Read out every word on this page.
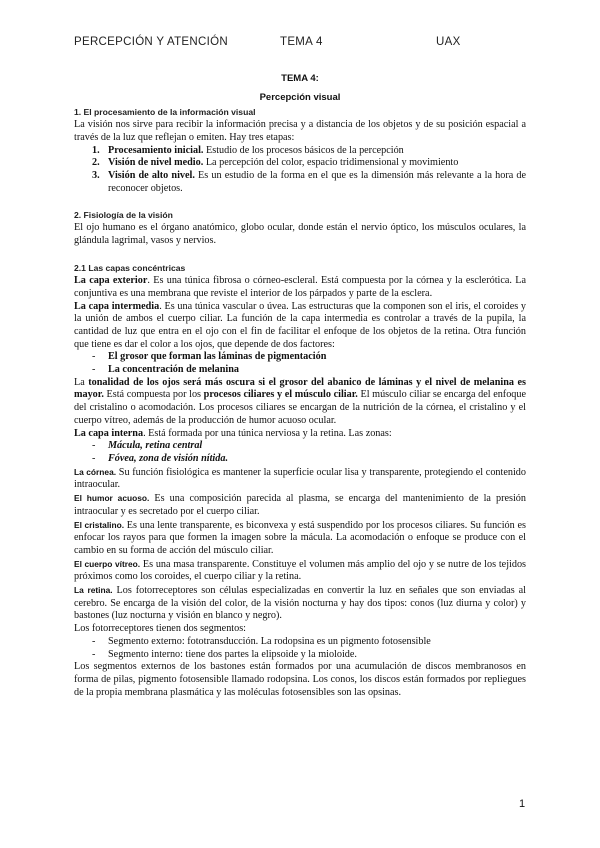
PERCEPCIÓN Y ATENCIÓN	TEMA 4	UAX
TEMA 4:
Percepción visual
1. El procesamiento de la información visual

La visión nos sirve para recibir la información precisa y a distancia de los objetos y de su posición espacial a través de la luz que reflejan o emiten. Hay tres etapas:

1. Procesamiento inicial. Estudio de los procesos básicos de la percepción
2. Visión de nivel medio. La percepción del color, espacio tridimensional y movimiento
3. Visión de alto nivel. Es un estudio de la forma en el que es la dimensión más relevante a la hora de reconocer objetos.
2. Fisiología de la visión

El ojo humano es el órgano anatómico, globo ocular, donde están el nervio óptico, los músculos oculares, la glándula lagrimal, vasos y nervios.

2.1 Las capas concéntricas

La capa exterior. Es una túnica fibrosa o córneo-escleral. Está compuesta por la córnea y la esclerótica. La conjuntiva es una membrana que reviste el interior de los párpados y parte de la esclera.

La capa intermedia. Es una túnica vascular o úvea. Las estructuras que la componen son el iris, el coroides y la unión de ambos el cuerpo ciliar. La función de la capa intermedia es controlar a través de la pupila, la cantidad de luz que entra en el ojo con el fin de facilitar el enfoque de los objetos de la retina. Otra función que tiene es dar el color a los ojos, que depende de dos factores:

- El grosor que forman las láminas de pigmentación
- La concentración de melanina

La tonalidad de los ojos será más oscura si el grosor del abanico de láminas y el nivel de melanina es mayor. Está compuesta por los procesos ciliares y el músculo ciliar. El músculo ciliar se encarga del enfoque del cristalino o acomodación. Los procesos ciliares se encargan de la nutrición de la córnea, el cristalino y el cuerpo vítreo, además de la producción de humor acuoso ocular.

La capa interna. Está formada por una túnica nerviosa y la retina. Las zonas:

- Mácula, retina central
- Fóvea, zona de visión nítida.

La córnea. Su función fisiológica es mantener la superficie ocular lisa y transparente, protegiendo el contenido intraocular.

El humor acuoso. Es una composición parecida al plasma, se encarga del mantenimiento de la presión intraocular y es secretado por el cuerpo ciliar.

El cristalino. Es una lente transparente, es biconvexa y está suspendido por los procesos ciliares. Su función es enfocar los rayos para que formen la imagen sobre la mácula. La acomodación o enfoque se produce con el cambio en su forma de acción del músculo ciliar.

El cuerpo vítreo. Es una masa transparente. Constituye el volumen más amplio del ojo y se nutre de los tejidos próximos como los coroides, el cuerpo ciliar y la retina.

La retina. Los fotorreceptores son células especializadas en convertir la luz en señales que son enviadas al cerebro. Se encarga de la visión del color, de la visión nocturna y hay dos tipos: conos (luz diurna y color) y bastones (luz nocturna y visión en blanco y negro).

Los fotorreceptores tienen dos segmentos:

- Segmento externo: fototransducción. La rodopsina es un pigmento fotosensible
- Segmento interno: tiene dos partes la elipsoide y la mioloide.

Los segmentos externos de los bastones están formados por una acumulación de discos membranosos en forma de pilas, pigmento fotosensible llamado rodopsina. Los conos, los discos están formados por repliegues de la propia membrana plasmática y las moléculas fotosensibles son las opsinas.

1
